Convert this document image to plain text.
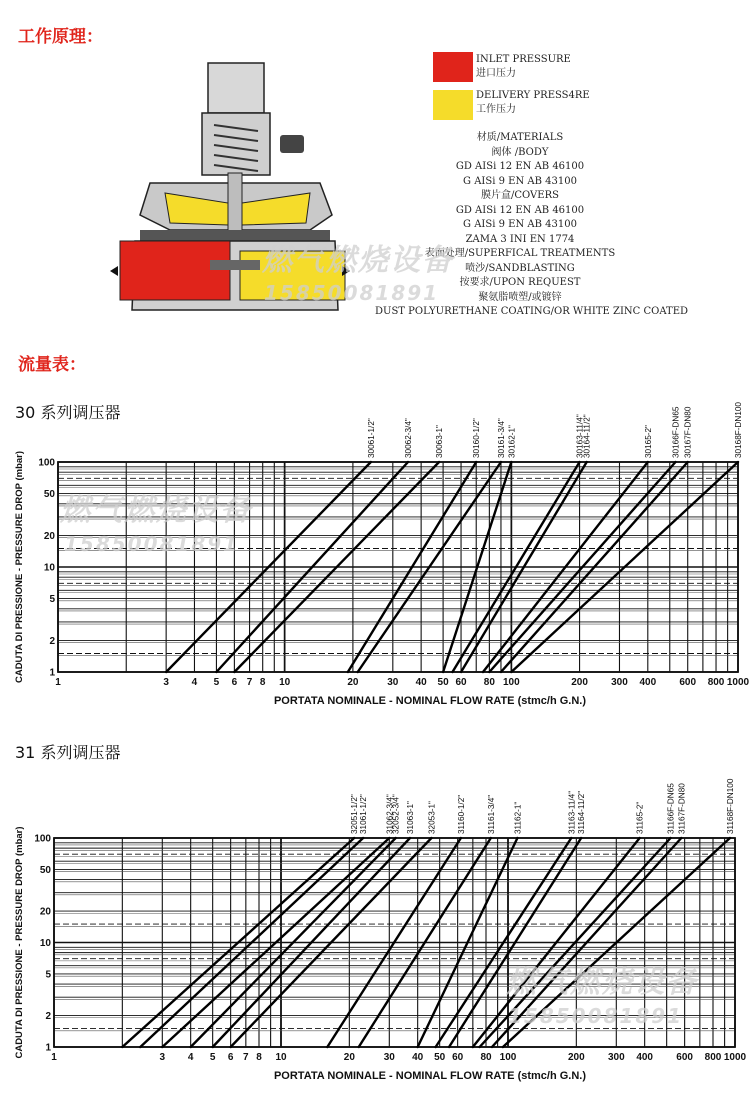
工作原理：
INLET PRESSURE
进口压力
DELIVERY PRESS4RE
工作压力
材质/MATERIALS
阀体 /BODY
GD AISi 12 EN AB 46100
G AISi 9 EN AB 43100
膜片盒/COVERS
GD AISi 12 EN AB 46100
G AISi 9 EN AB 43100
ZAMA 3 INI EN 1774
表面处理/SUPERFICAL TREATMENTS
喷沙/SANDBLASTING
按要求/UPON REQUEST
聚氨脂喷塑/或镀锌
DUST POLYURETHANE COATING/OR WHITE ZINC COATED
燃气燃烧设备
15850081891
流量表：
30 系列调压器
30061-1/2"	30062-3/4"	30063-1"	30160-1/2" 30161-3/4" 30162-1"	30163-11/4"
30164-11/2"	30165-2" 30166F-DN65 30167F-DN80	30168F-DN100
1	3 4 5 6 7 8 10	20	30 40 50 60 80 100	200 300 400 600 800 1000
100
50
20
10
5
2
1
PORTATA NOMINALE - NOMINAL FLOW RATE (stmc/h G.N.)
CADUTA DI PRESSIONE - PRESSURE DROP (mbar) 燃气燃烧设备
15850081891
31 系列调压器
32051-1/2" 31061-1/2" 31062-3/4"
32052-3/4" 31063-1" 32053-1" 31160-1/2"	31161-3/4" 31162-1"	31163-11/4" 31164-11/2"	31165-2"	31166F-DN65 31167F-DN80	31168F-DN100
1	3 4 5 6 7 8 10	20	30 40 50 60 80 100	200 300 400 600 800 1000
100
50
20
10
5
2
1
PORTATA NOMINALE - NOMINAL FLOW RATE (stmc/h G.N.)
CADUTA DI PRESSIONE - PRESSURE DROP (mbar)	燃气燃烧设备
15850081891
